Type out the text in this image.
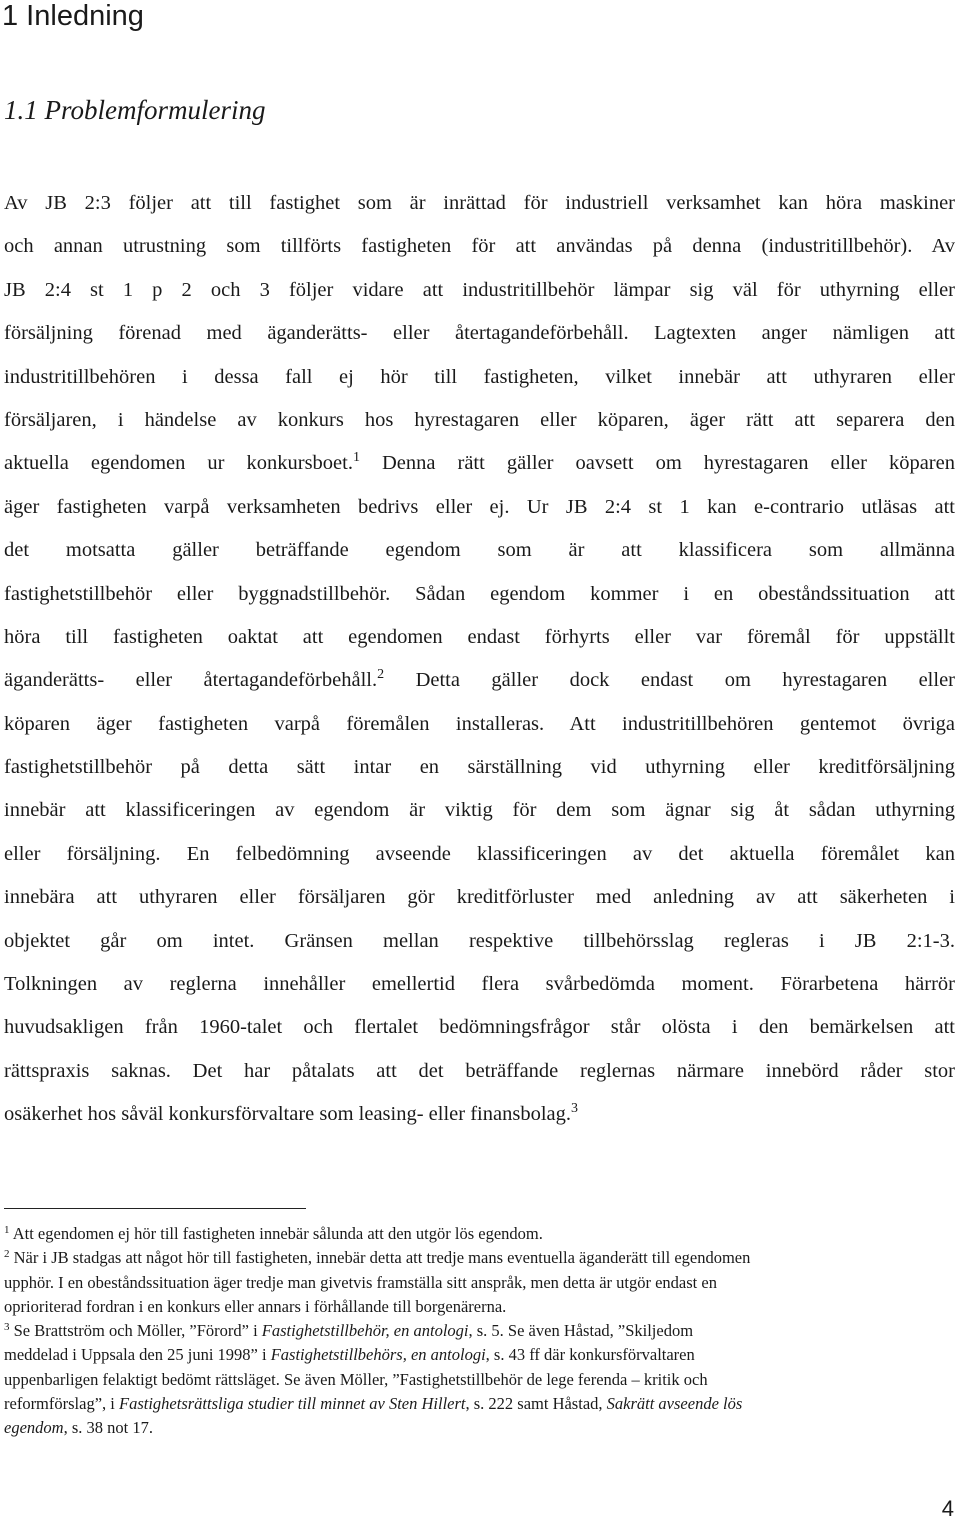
1 Inledning
1.1 Problemformulering
Av JB 2:3 följer att till fastighet som är inrättad för industriell verksamhet kan höra maskiner
och annan utrustning som tillförts fastigheten för att användas på denna (industritillbehör). Av
JB 2:4 st 1 p 2 och 3 följer vidare att industritillbehör lämpar sig väl för uthyrning eller
försäljning förenad med äganderätts- eller återtagandeförbehåll. Lagtexten anger nämligen att
industritillbehören i dessa fall ej hör till fastigheten, vilket innebär att uthyraren eller
försäljaren, i händelse av konkurs hos hyrestagaren eller köparen, äger rätt att separera den
aktuella egendomen ur konkursboet.$^1$ Denna rätt gäller oavsett om hyrestagaren eller köparen
äger fastigheten varpå verksamheten bedrivs eller ej. Ur JB 2:4 st 1 kan e-contrario utläsas att
det motsatta gäller beträffande egendom som är att klassificera som allmänna
fastighetstillbehör eller byggnadstillbehör. Sådan egendom kommer i en obeståndssituation att
höra till fastigheten oaktat att egendomen endast förhyrts eller var föremål för uppställt
äganderätts- eller återtagandeförbehåll.$^2$ Detta gäller dock endast om hyrestagaren eller
köparen äger fastigheten varpå föremålen installeras. Att industritillbehören gentemot övriga
fastighetstillbehör på detta sätt intar en särställning vid uthyrning eller kreditförsäljning
innebär att klassificeringen av egendom är viktig för dem som ägnar sig åt sådan uthyrning
eller försäljning. En felbedömning avseende klassificeringen av det aktuella föremålet kan
innebära att uthyraren eller försäljaren gör kreditförluster med anledning av att säkerheten i
objektet går om intet. Gränsen mellan respektive tillbehörsslag regleras i JB 2:1-3.
Tolkningen av reglerna innehåller emellertid flera svårbedömda moment. Förarbetena härrör
huvudsakligen från 1960-talet och flertalet bedömningsfrågor står olösta i den bemärkelsen att
rättspraxis saknas. Det har påtalats att det beträffande reglernas närmare innebörd råder stor
osäkerhet hos såväl konkursförvaltare som leasing- eller finansbolag.$^3$
$^1$ Att egendomen ej hör till fastigheten innebär sålunda att den utgör lös egendom.
$^2$ När i JB stadgas att något hör till fastigheten, innebär detta att tredje mans eventuella äganderätt till egendomen
upphör. I en obeståndssituation äger tredje man givetvis framställa sitt anspråk, men detta är utgör endast en
oprioriterad fordran i en konkurs eller annars i förhållande till borgenärerna.
$^3$ Se Brattström och Möller, ”Förord” i Fastighetstillbehör, en antologi, s. 5. Se även Håstad, ”Skiljedom
meddelad i Uppsala den 25 juni 1998” i Fastighetstillbehörs, en antologi, s. 43 ff där konkursförvaltaren
uppenbarligen felaktigt bedömt rättsläget. Se även Möller, ”Fastighetstillbehör de lege ferenda – kritik och
reformförslag”, i Fastighetsrättsliga studier till minnet av Sten Hillert, s. 222 samt Håstad, Sakrätt avseende lös
egendom, s. 38 not 17.
4
